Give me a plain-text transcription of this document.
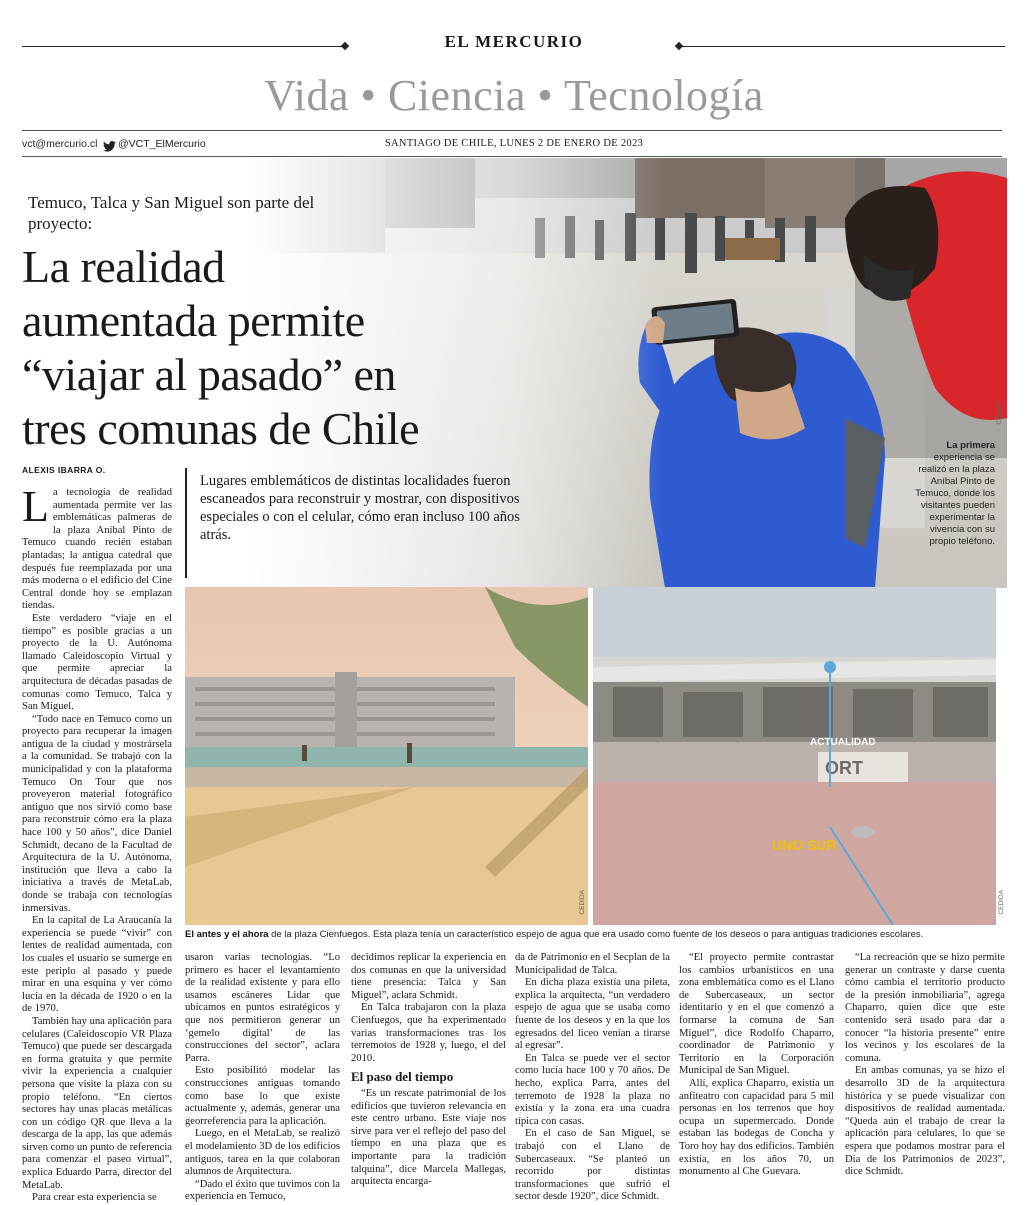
EL MERCURIO
Vida • Ciencia • Tecnología
vct@mercurio.cl @VCT_ElMercurio	SANTIAGO DE CHILE, LUNES 2 DE ENERO DE 2023
CEDIDA
La primera experiencia se realizó en la plaza Aníbal Pinto de Temuco, donde los visitantes pueden experimentar la vivencia con su propio teléfono.
Temuco, Talca y San Miguel son parte del proyecto:
La realidad
aumentada permite
“viajar al pasado” en
tres comunas de Chile
ALEXIS IBARRA O.
Lugares emblemáticos de distintas localidades fueron escaneados para reconstruir y mostrar, con dispositivos especiales o con el celular, cómo eran incluso 100 años atrás.

La tecnología de realidad aumentada permite ver las emblemáticas palmeras de la plaza Aníbal Pinto de Temuco cuando recién estaban plantadas; la antigua catedral que después fue reemplazada por una más moderna o el edificio del Cine Central donde hoy se emplazan tiendas.

Este verdadero “viaje en el tiempo” es posible gracias a un proyecto de la U. Autónoma llamado Caleidoscopio Virtual y que permite apreciar la arquitectura de décadas pasadas de comunas como Temuco, Talca y San Miguel.

“Todo nace en Temuco como un proyecto para recuperar la imagen antigua de la ciudad y mostrársela a la comunidad. Se trabajó con la municipalidad y con la plataforma Temuco On Tour que nos proveyeron material fotográfico antiguo que nos sirvió como base para reconstruir cómo era la plaza hace 100 y 50 años”, dice Daniel Schmidt, decano de la Facultad de Arquitectura de la U. Autónoma, institución que lleva a cabo la iniciativa a través de MetaLab, donde se trabaja con tecnologías inmersivas.

En la capital de La Araucanía la experiencia se puede “vivir” con lentes de realidad aumentada, con los cuales el usuario se sumerge en este periplo al pasado y puede mirar en una esquina y ver cómo lucía en la década de 1920 o en la de 1970.

También hay una aplicación para celulares (Caleidoscopio VR Plaza Temuco) que puede ser descargada en forma gratuita y que permite vivir la experiencia a cualquier persona que visite la plaza con su propio teléfono. “En ciertos sectores hay unas placas metálicas con un código QR que lleva a la descarga de la app, las que además sirven como un punto de referencia para comenzar el paseo virtual”, explica Eduardo Parra, director del MetaLab.

Para crear esta experiencia se

CEDIDA
ORT
ACTUALIDAD
UNO SUR
CEDIDA
El antes y el ahora de la plaza Cienfuegos. Esta plaza tenía un característico espejo de agua que era usado como fuente de los deseos o para antiguas tradiciones escolares.

usaron varias tecnologías. “Lo primero es hacer el levantamiento de la realidad existente y para ello usamos escáneres Lidar que ubicamos en puntos estratégicos y que nos permitieron generar un ‘gemelo digital’ de las construcciones del sector”, aclara Parra.

Esto posibilitó modelar las construcciones antiguas tomando como base lo que existe actualmente y, además, generar una georreferencia para la aplicación.

Luego, en el MetaLab, se realizó el modelamiento 3D de los edificios antiguos, tarea en la que colaboran alumnos de Arquitectura.

“Dado el éxito que tuvimos con la experiencia en Temuco,

decidimos replicar la experiencia en dos comunas en que la universidad tiene presencia: Talca y San Miguel”, aclara Schmidt.

En Talca trabajaron con la plaza Cienfuegos, que ha experimentado varias transformaciones tras los terremotos de 1928 y, luego, el del 2010.

El paso del tiempo

“Es un rescate patrimonial de los edificios que tuvieron relevancia en este centro urbano. Este viaje nos sirve para ver el reflejo del paso del tiempo en una plaza que es importante para la tradición talquina”, dice Marcela Mallegas, arquitecta encarga-

da de Patrimonio en el Secplan de la Municipalidad de Talca.

En dicha plaza existía una pileta, explica la arquitecta, “un verdadero espejo de agua que se usaba como fuente de los deseos y en la que los egresados del liceo venían a tirarse al egresar”.

En Talca se puede ver el sector como lucía hace 100 y 70 años. De hecho, explica Parra, antes del terremoto de 1928 la plaza no existía y la zona era una cuadra típica con casas.

En el caso de San Miguel, se trabajó con el Llano de Subercaseaux. “Se planteó un recorrido por distintas transformaciones que sufrió el sector desde 1920”, dice Schmidt.

“El proyecto permite contrastar los cambios urbanísticos en una zona emblemática como es el Llano de Subercaseaux, un sector identitario y en el que comenzó a formarse la comuna de San Miguel”, dice Rodolfo Chaparro, coordinador de Patrimonio y Territorio en la Corporación Municipal de San Miguel.

Allí, explica Chaparro, existía un anfiteatro con capacidad para 5 mil personas en los terrenos que hoy ocupa un supermercado. Donde estaban las bodegas de Concha y Toro hoy hay dos edificios. También existía, en los años 70, un monumento al Che Guevara.

“La recreación que se hizo permite generar un contraste y darse cuenta cómo cambia el territorio producto de la presión inmobiliaria”, agrega Chaparro, quien dice que este contenido será usado para dar a conocer “la historia presente” entre los vecinos y los escolares de la comuna.

En ambas comunas, ya se hizo el desarrollo 3D de la arquitectura histórica y se puede visualizar con dispositivos de realidad aumentada. “Queda aún el trabajo de crear la aplicación para celulares, lo que se espera que podamos mostrar para el Día de los Patrimonios de 2023”, dice Schmidt.
